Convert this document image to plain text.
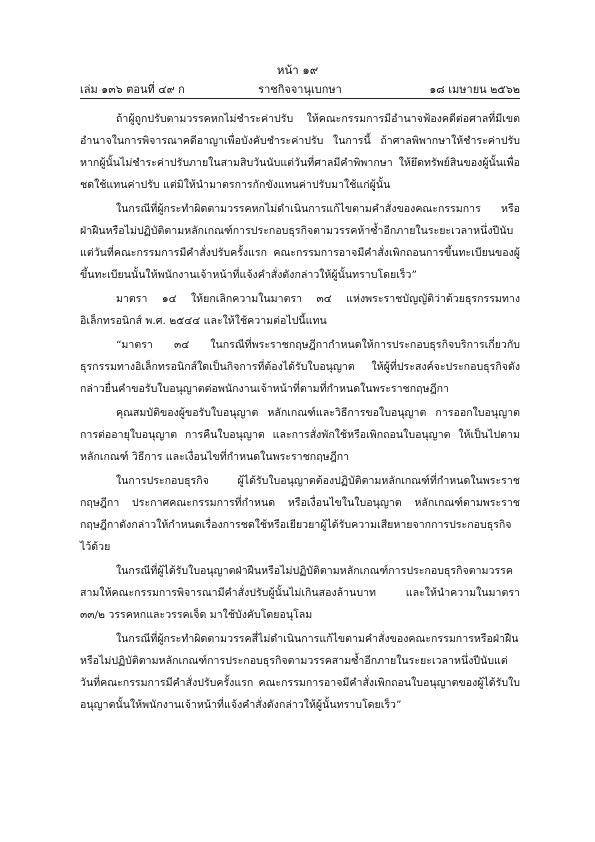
หน้า ๑๙
เล่ม ๑๓๖ ตอนที่ ๔๙ ก	ราชกิจจานุเบกษา	๑๘ เมษายน ๒๕๖๒

ถ้าผู้ถูกปรับตามวรรคหกไม่ชำระค่าปรับ ให้คณะกรรมการมีอำนาจฟ้องคดีต่อศาลที่มีเขตอำนาจในการพิจารณาคดีอาญาเพื่อบังคับชำระค่าปรับ ในการนี้ ถ้าศาลพิพากษาให้ชำระค่าปรับ หากผู้นั้นไม่ชำระค่าปรับภายในสามสิบวันนับแต่วันที่ศาลมีคำพิพากษา ให้ยึดทรัพย์สินของผู้นั้นเพื่อชดใช้แทนค่าปรับ แต่มิให้นำมาตรการกักขังแทนค่าปรับมาใช้แก่ผู้นั้น

ในกรณีที่ผู้กระทำผิดตามวรรคหกไม่ดำเนินการแก้ไขตามคำสั่งของคณะกรรมการ หรือฝ่าฝืนหรือไม่ปฏิบัติตามหลักเกณฑ์การประกอบธุรกิจตามวรรคห้าซ้ำอีกภายในระยะเวลาหนึ่งปีนับแต่วันที่คณะกรรมการมีคำสั่งปรับครั้งแรก คณะกรรมการอาจมีคำสั่งเพิกถอนการขึ้นทะเบียนของผู้ขึ้นทะเบียนนั้นให้พนักงานเจ้าหน้าที่แจ้งคำสั่งดังกล่าวให้ผู้นั้นทราบโดยเร็ว”

มาตรา ๑๔ ให้ยกเลิกความในมาตรา ๓๔ แห่งพระราชบัญญัติว่าด้วยธุรกรรมทางอิเล็กทรอนิกส์ พ.ศ. ๒๕๔๔ และให้ใช้ความต่อไปนี้แทน

“มาตรา ๓๔ ในกรณีที่พระราชกฤษฎีกากำหนดให้การประกอบธุรกิจบริการเกี่ยวกับธุรกรรมทางอิเล็กทรอนิกส์ใดเป็นกิจการที่ต้องได้รับใบอนุญาต ให้ผู้ที่ประสงค์จะประกอบธุรกิจดังกล่าวยื่นคำขอรับใบอนุญาตต่อพนักงานเจ้าหน้าที่ตามที่กำหนดในพระราชกฤษฎีกา

คุณสมบัติของผู้ขอรับใบอนุญาต หลักเกณฑ์และวิธีการขอใบอนุญาต การออกใบอนุญาต การต่ออายุใบอนุญาต การคืนใบอนุญาต และการสั่งพักใช้หรือเพิกถอนใบอนุญาต ให้เป็นไปตามหลักเกณฑ์ วิธีการ และเงื่อนไขที่กำหนดในพระราชกฤษฎีกา

ในการประกอบธุรกิจ ผู้ได้รับใบอนุญาตต้องปฏิบัติตามหลักเกณฑ์ที่กำหนดในพระราชกฤษฎีกา ประกาศคณะกรรมการที่กำหนด หรือเงื่อนไขในใบอนุญาต หลักเกณฑ์ตามพระราชกฤษฎีกาดังกล่าวให้กำหนดเรื่องการชดใช้หรือเยียวยาผู้ได้รับความเสียหายจากการประกอบธุรกิจไว้ด้วย

ในกรณีที่ผู้ได้รับใบอนุญาตฝ่าฝืนหรือไม่ปฏิบัติตามหลักเกณฑ์การประกอบธุรกิจตามวรรคสามให้คณะกรรมการพิจารณามีคำสั่งปรับผู้นั้นไม่เกินสองล้านบาท และให้นำความในมาตรา ๓๓/๒ วรรคหกและวรรคเจ็ด มาใช้บังคับโดยอนุโลม

ในกรณีที่ผู้กระทำผิดตามวรรคสี่ไม่ดำเนินการแก้ไขตามคำสั่งของคณะกรรมการหรือฝ่าฝืนหรือไม่ปฏิบัติตามหลักเกณฑ์การประกอบธุรกิจตามวรรคสามซ้ำอีกภายในระยะเวลาหนึ่งปีนับแต่วันที่คณะกรรมการมีคำสั่งปรับครั้งแรก คณะกรรมการอาจมีคำสั่งเพิกถอนใบอนุญาตของผู้ได้รับใบอนุญาตนั้นให้พนักงานเจ้าหน้าที่แจ้งคำสั่งดังกล่าวให้ผู้นั้นทราบโดยเร็ว”
